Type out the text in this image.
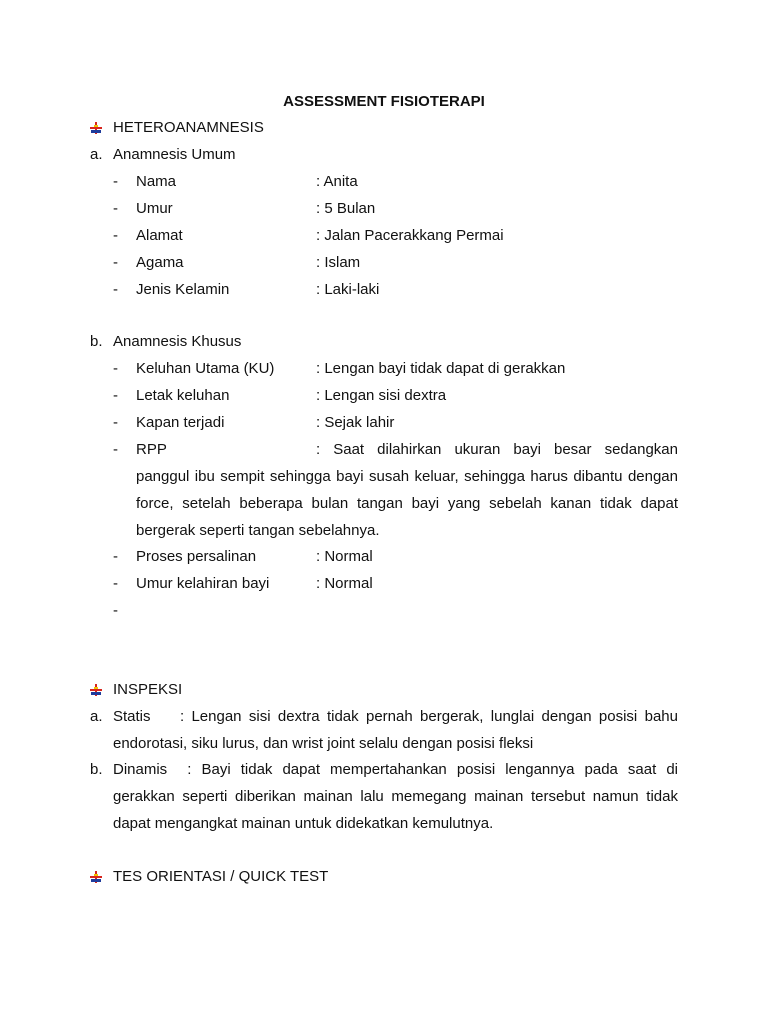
ASSESSMENT FISIOTERAPI
HETEROANAMNESIS
a. Anamnesis Umum
- Nama	: Anita
- Umur	: 5 Bulan
- Alamat	: Jalan Pacerakkang Permai
- Agama	: Islam
- Jenis Kelamin	: Laki-laki
b. Anamnesis Khusus
- Keluhan Utama (KU)	: Lengan bayi tidak dapat di gerakkan
- Letak keluhan	: Lengan sisi dextra
- Kapan terjadi	: Sejak lahir
- RPP	: Saat dilahirkan ukuran bayi besar sedangkan
panggul ibu sempit sehingga bayi susah keluar, sehingga harus dibantu dengan
force, setelah beberapa bulan tangan bayi yang sebelah kanan tidak dapat
bergerak seperti tangan sebelahnya.
- Proses persalinan	: Normal
- Umur kelahiran bayi	: Normal
-
INSPEKSI
a. Statis    : Lengan sisi dextra tidak pernah bergerak, lunglai dengan posisi bahu
endorotasi, siku lurus, dan wrist joint selalu dengan posisi fleksi
b. Dinamis  : Bayi tidak dapat mempertahankan posisi lengannya pada saat di
gerakkan seperti diberikan mainan lalu memegang mainan tersebut namun tidak
dapat mengangkat mainan untuk didekatkan kemulutnya.
TES ORIENTASI / QUICK TEST
